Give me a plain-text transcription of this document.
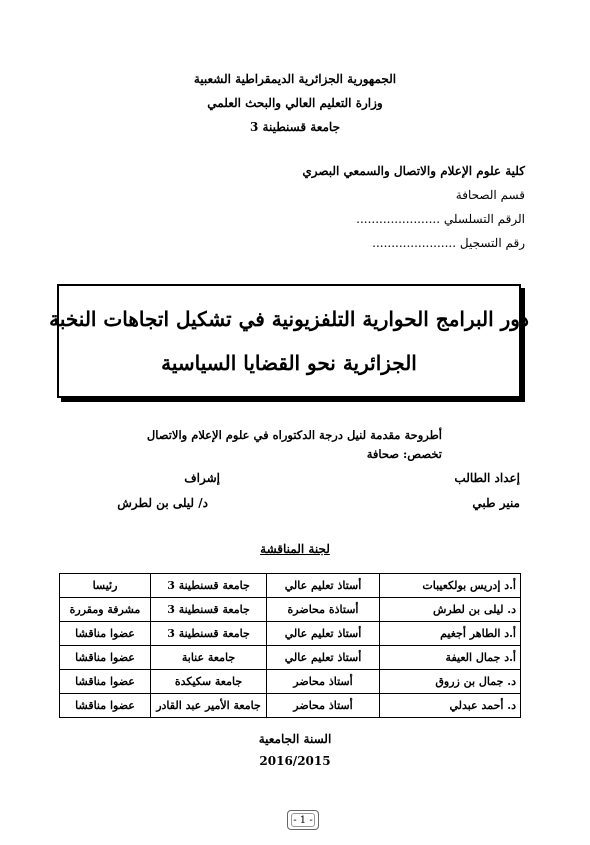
الجمهورية الجزائرية الديمقراطية الشعبية
وزارة التعليم العالي والبحث العلمي
جامعة قسنطينة 3
كلية علوم الإعلام والاتصال والسمعي البصري
قسم الصحافة
الرقم التسلسلي ......................
رقم التسجيل ......................
دور البرامج الحوارية التلفزيونية في تشكيل اتجاهات النخبة
الجزائرية نحو القضايا السياسية
أطروحة مقدمة لنيل درجة الدكتوراه في علوم الإعلام والاتصال
تخصص: صحافة
إعداد الطالب
منير طبي
إشراف
د/ ليلى بن لطرش
لجنة المناقشة
أ.د إدريس بولكعيبات	أستاذ تعليم عالي	جامعة قسنطينة 3	رئيسا
د. ليلى بن لطرش	أستاذة محاضرة	جامعة قسنطينة 3	مشرفة ومقررة
أ.د الطاهر أجغيم	أستاذ تعليم عالي	جامعة قسنطينة 3	عضوا مناقشا
أ.د جمال العيفة	أستاذ تعليم عالي	جامعة عنابة	عضوا مناقشا
د. جمال بن زروق	أستاذ محاضر	جامعة سكيكدة	عضوا مناقشا
د. أحمد عبدلي	أستاذ محاضر	جامعة الأمير عبد القادر	عضوا مناقشا
السنة الجامعية
2016/2015
- 1 -
